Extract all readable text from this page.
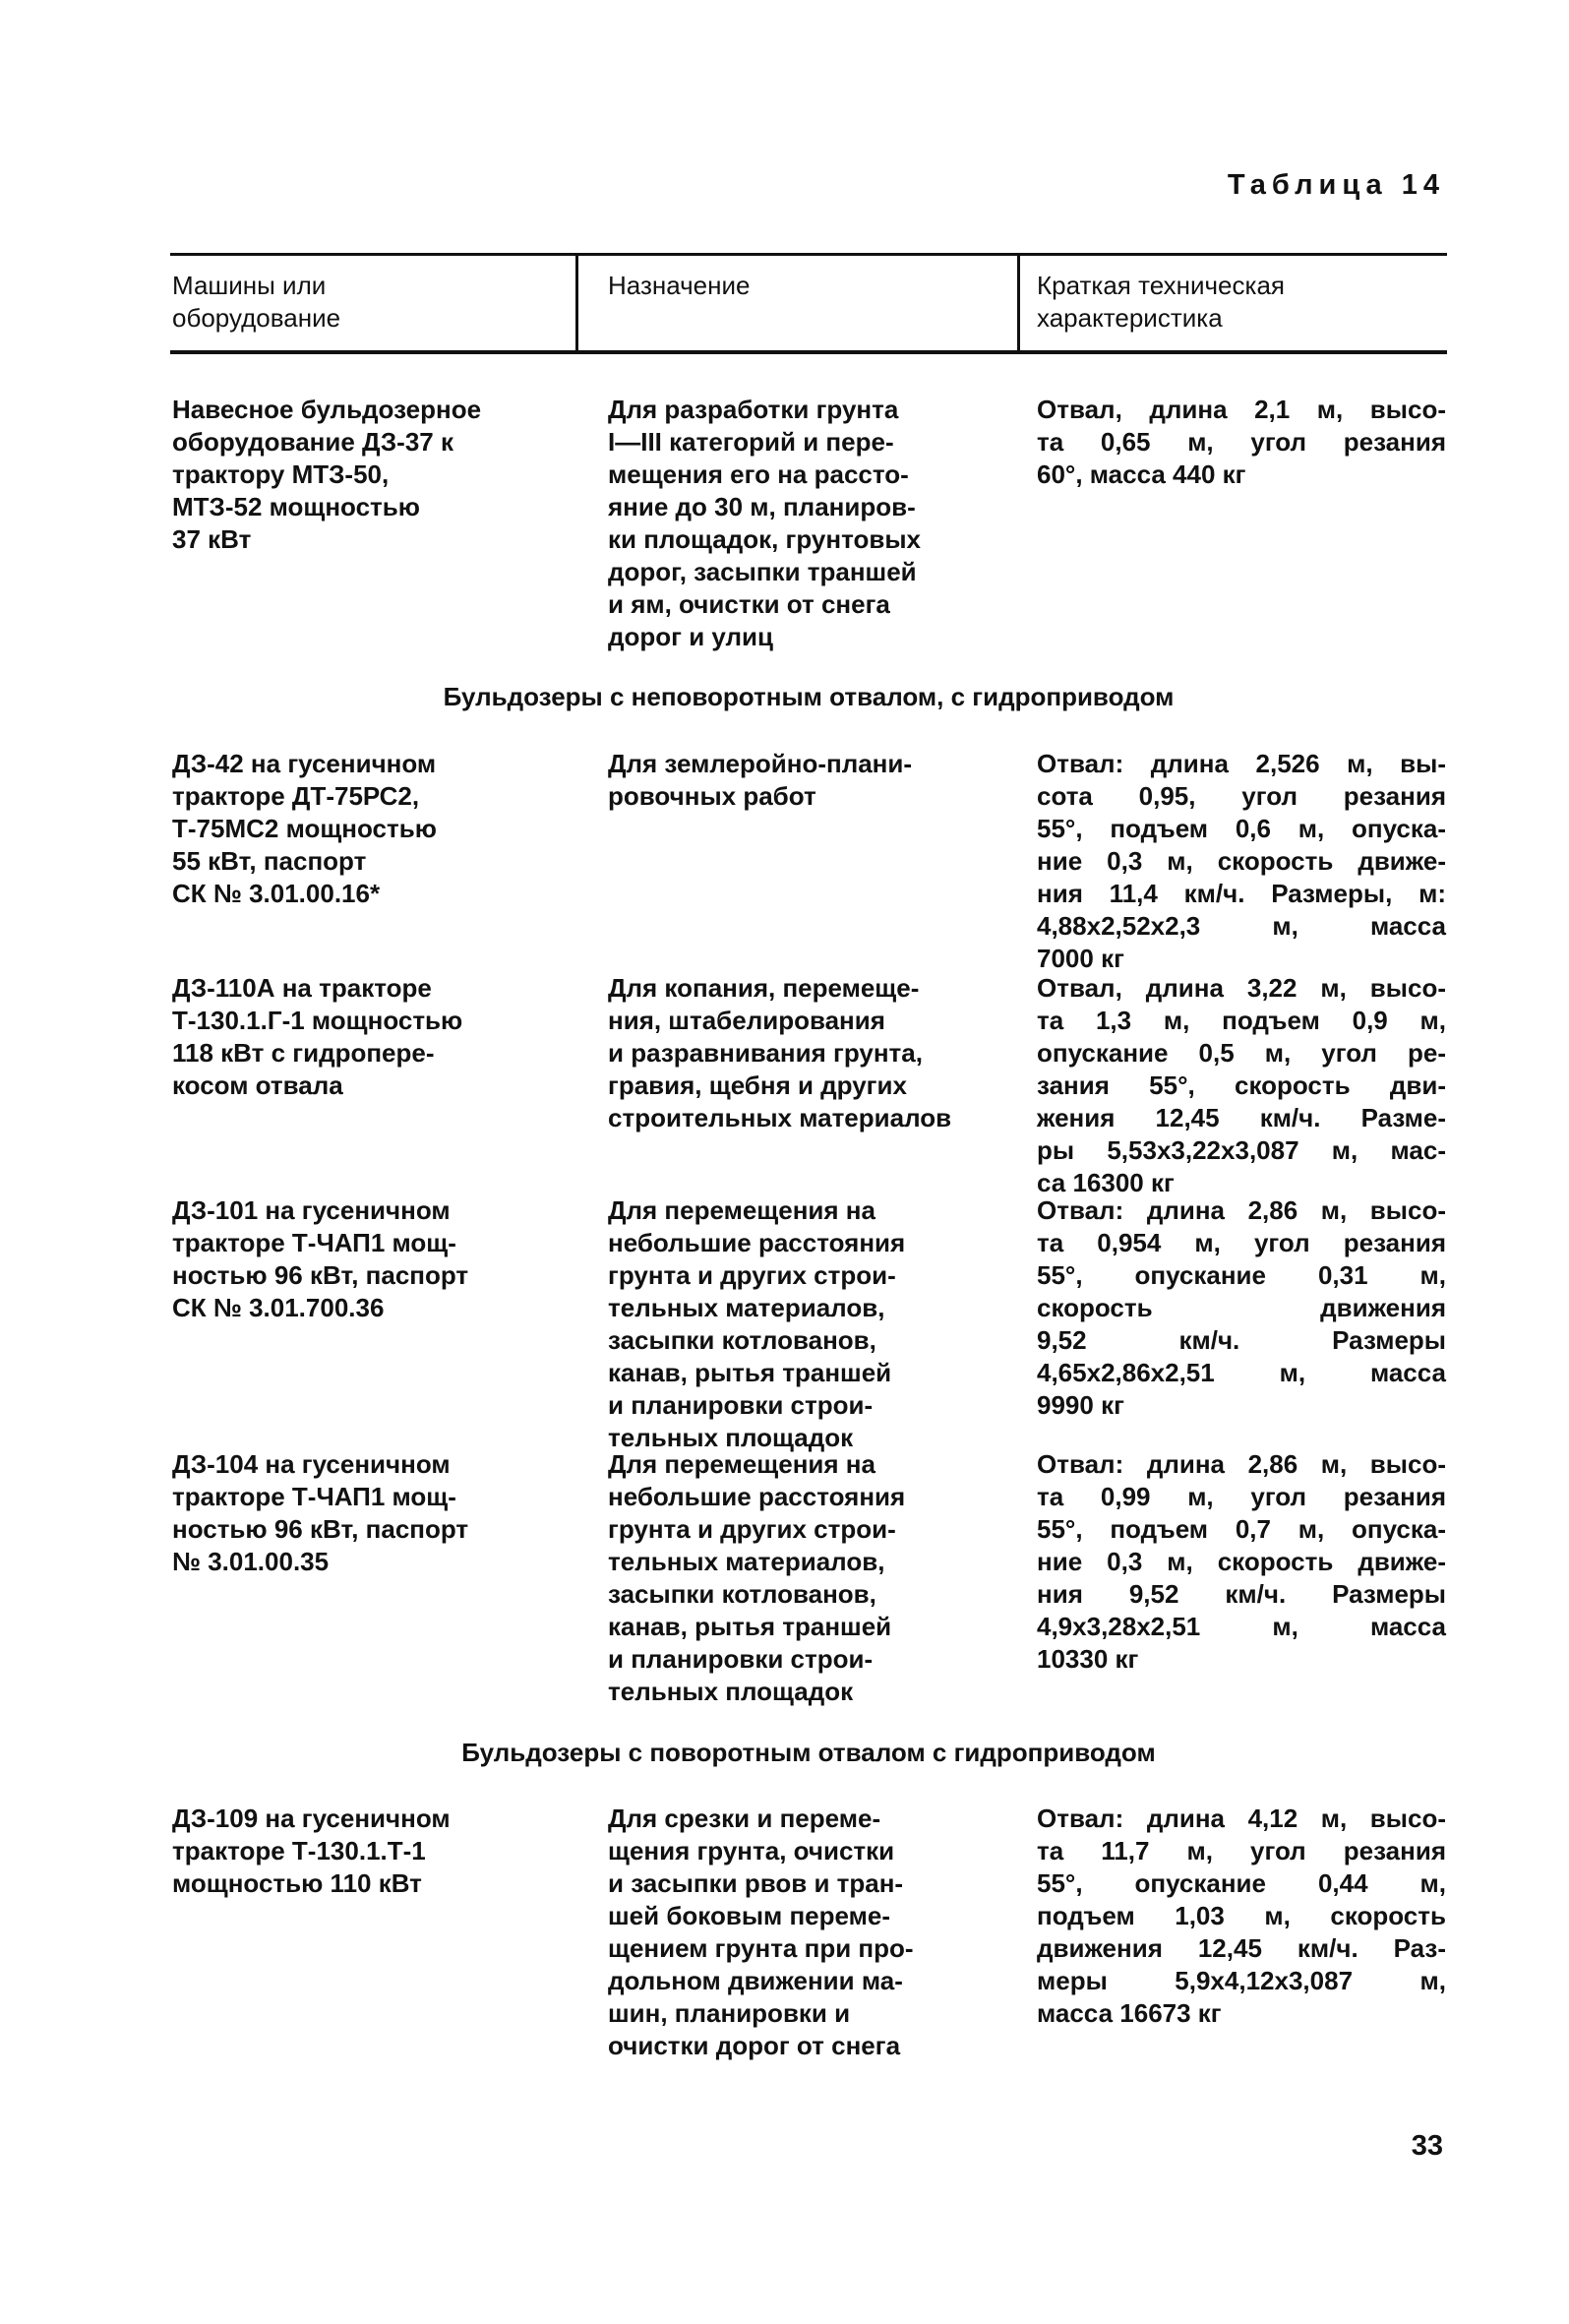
Таблица 14
Машины или
оборудование
Назначение	Краткая техническая
характеристика
Навесное бульдозерное
оборудование ДЗ-37 к
трактору МТЗ-50,
МТЗ-52 мощностью
37 кВт
Для разработки грунта
I—III категорий и пере-
мещения его на рассто-
яние до 30 м, планиров-
ки площадок, грунтовых
дорог, засыпки траншей
и ям, очистки от снега
дорог и улиц
Отвал, длина 2,1 м, высо-
та 0,65 м, угол резания
60°, масса 440 кг
Бульдозеры с неповоротным отвалом, с гидроприводом
ДЗ-42 на гусеничном
тракторе ДТ-75РС2,
Т-75МС2 мощностью
55 кВт, паспорт
СК № 3.01.00.16*
Для землеройно-плани-
ровочных работ
Отвал: длина 2,526 м, вы-
сота 0,95, угол резания
55°, подъем 0,6 м, опуска-
ние 0,3 м, скорость движе-
ния 11,4 км/ч. Размеры, м:
4,88х2,52х2,3 м, масса
7000 кг
ДЗ-110А на тракторе
Т-130.1.Г-1 мощностью
118 кВт с гидропере-
косом отвала
Для копания, перемеще-
ния, штабелирования
и разравнивания грунта,
гравия, щебня и других
строительных материалов
Отвал, длина 3,22 м, высо-
та 1,3 м, подъем 0,9 м,
опускание 0,5 м, угол ре-
зания 55°, скорость дви-
жения 12,45 км/ч. Разме-
ры 5,53х3,22х3,087 м, мас-
са 16300 кг
ДЗ-101 на гусеничном
тракторе Т-ЧАП1 мощ-
ностью 96 кВт, паспорт
СК № 3.01.700.36
Для перемещения на
небольшие расстояния
грунта и других строи-
тельных материалов,
засыпки котлованов,
канав, рытья траншей
и планировки строи-
тельных площадок
Отвал: длина 2,86 м, высо-
та 0,954 м, угол резания
55°, опускание 0,31 м,
скорость движения
9,52 км/ч. Размеры
4,65х2,86х2,51 м, масса
9990 кг
ДЗ-104 на гусеничном
тракторе Т-ЧАП1 мощ-
ностью 96 кВт, паспорт
№ 3.01.00.35
Для перемещения на
небольшие расстояния
грунта и других строи-
тельных материалов,
засыпки котлованов,
канав, рытья траншей
и планировки строи-
тельных площадок
Отвал: длина 2,86 м, высо-
та 0,99 м, угол резания
55°, подъем 0,7 м, опуска-
ние 0,3 м, скорость движе-
ния 9,52 км/ч. Размеры
4,9х3,28х2,51 м, масса
10330 кг
Бульдозеры с поворотным отвалом с гидроприводом
ДЗ-109 на гусеничном
тракторе Т-130.1.Т-1
мощностью 110 кВт
Для срезки и переме-
щения грунта, очистки
и засыпки рвов и тран-
шей боковым переме-
щением грунта при про-
дольном движении ма-
шин, планировки и
очистки дорог от снега
Отвал: длина 4,12 м, высо-
та 11,7 м, угол резания
55°, опускание 0,44 м,
подъем 1,03 м, скорость
движения 12,45 км/ч. Раз-
меры 5,9х4,12х3,087 м,
масса 16673 кг
33
